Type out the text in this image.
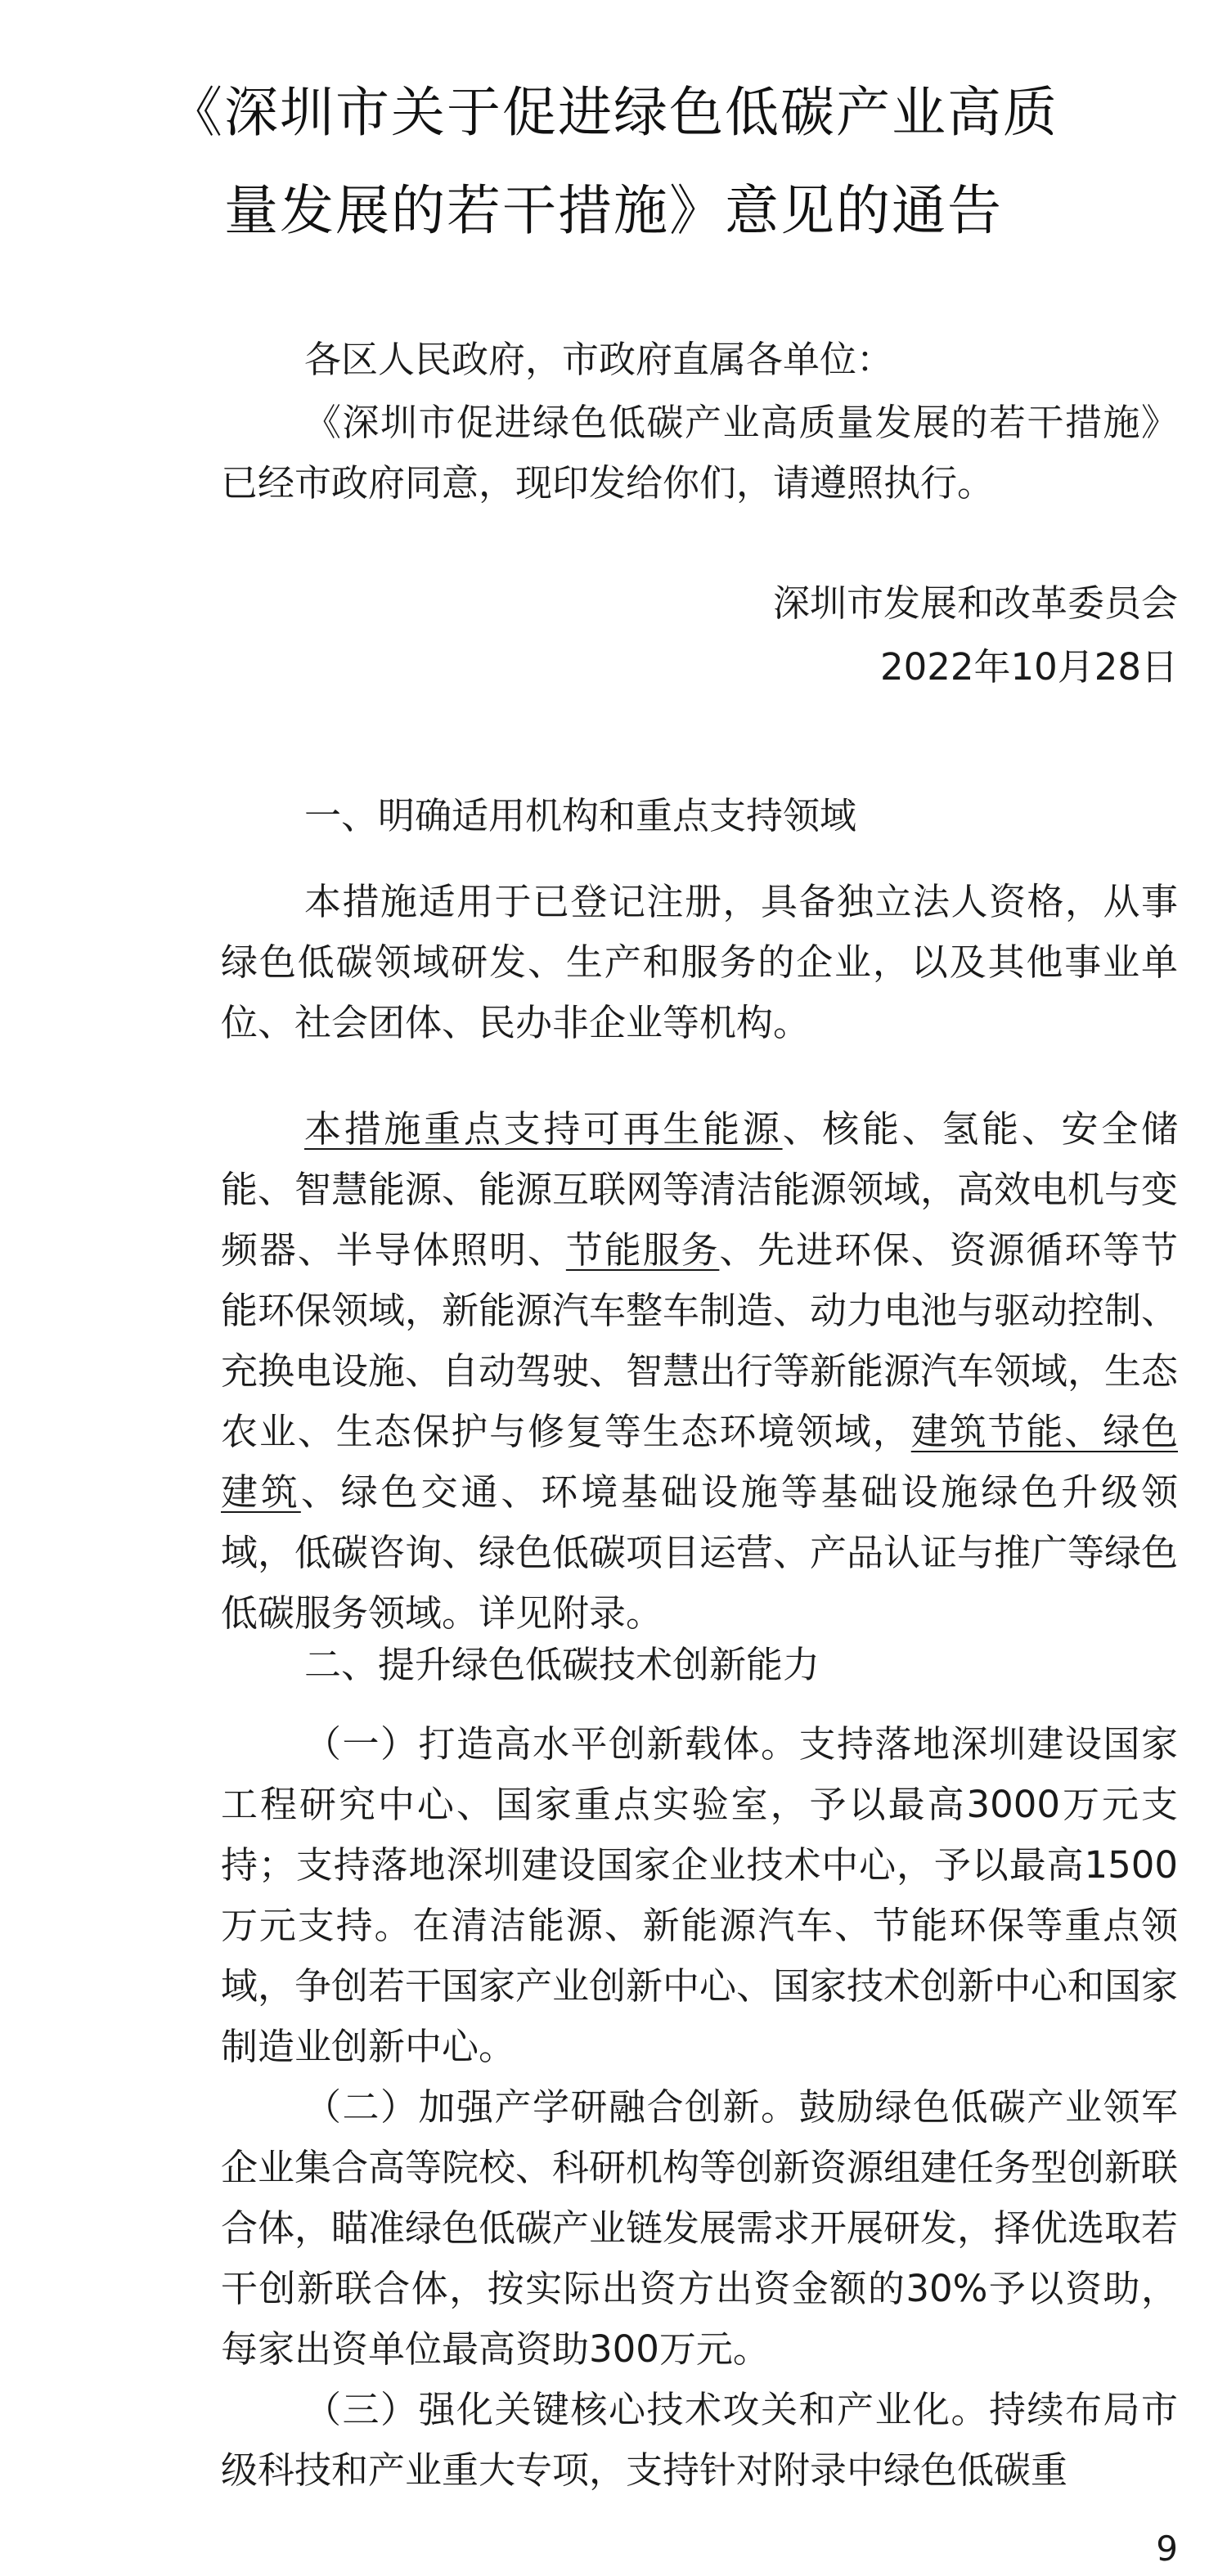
《深圳市关于促进绿色低碳产业高质
量发展的若干措施》意见的通告
各区人民政府，市政府直属各单位：

《深圳市促进绿色低碳产业高质量发展的若干措施》已经市政府同意，现印发给你们，请遵照执行。

深圳市发展和改革委员会
2022年10月28日
一、明确适用机构和重点支持领域

本措施适用于已登记注册，具备独立法人资格，从事绿色低碳领域研发、生产和服务的企业，以及其他事业单位、社会团体、民办非企业等机构。

本措施重点支持可再生能源、核能、氢能、安全储能、智慧能源、能源互联网等清洁能源领域，高效电机与变频器、半导体照明、节能服务、先进环保、资源循环等节能环保领域，新能源汽车整车制造、动力电池与驱动控制、充换电设施、自动驾驶、智慧出行等新能源汽车领域，生态农业、生态保护与修复等生态环境领域，建筑节能、绿色建筑、绿色交通、环境基础设施等基础设施绿色升级领域，低碳咨询、绿色低碳项目运营、产品认证与推广等绿色低碳服务领域。详见附录。

二、提升绿色低碳技术创新能力

（一）打造高水平创新载体。支持落地深圳建设国家工程研究中心、国家重点实验室，予以最高3000万元支持；支持落地深圳建设国家企业技术中心，予以最高1500万元支持。在清洁能源、新能源汽车、节能环保等重点领域，争创若干国家产业创新中心、国家技术创新中心和国家制造业创新中心。

（二）加强产学研融合创新。鼓励绿色低碳产业领军企业集合高等院校、科研机构等创新资源组建任务型创新联合体，瞄准绿色低碳产业链发展需求开展研发，择优选取若干创新联合体，按实际出资方出资金额的30%予以资助，每家出资单位最高资助300万元。

（三）强化关键核心技术攻关和产业化。持续布局市级科技和产业重大专项，支持针对附录中绿色低碳重

9
